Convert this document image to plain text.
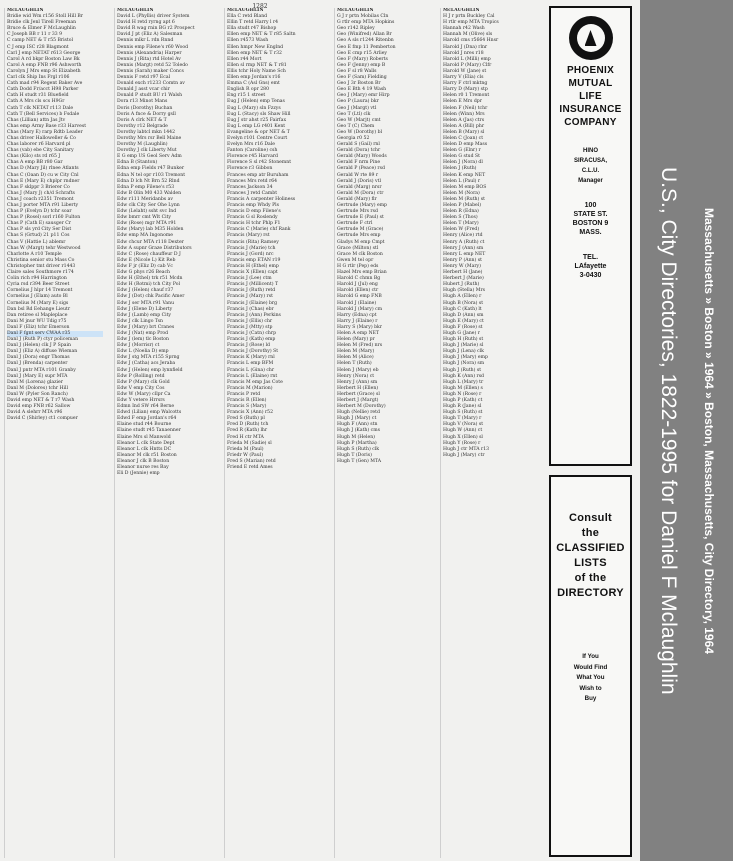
1282
McLAUGHLIN
Bridie wid Wm r156 Stoll Hill Br
Bridie clk Jenl Tirell Freeman
Bruce & Elmer F McLaughlin
C Joseph BB r 11 r 33 9
C camp NET & T r55 Bristol
C J emp ISC r28 Blagmont
Carl J emp NETAT r613 George
Carol A rd bkpr Boston Law Bk
Carol A emp FNB r96 Ashworth
Carolyn J Mrs emp St Elizabeth
Carl clk Ship Ins Frgl r106
Cath mad r94 Regent Baker Ave
Cath Dodd Fr/acct H98 Parker
Cath H studt r31 Bluefield
Cath A Mrs cls scs H9Gr
Cath T clk NETAT r113 Dale
Cath T (Bell Services) b Fsdale
Chas (Lillian) attn Jas Jtv
Chas emp Army Base r33 Harvest
Chas (Mary E) rarp Rdtb Leader
Chas driver Halloweller & Co
Chas laborer r6 Harvard pl
Chas (vab) ebe City Sanitary
Chas (Kilo) sts rd r65 J
Chas A emp BB r80 Gar
Chas D (Mary Jil) rlnee Atlants
Chas C (Oaan D) cu w City Cnl
Chas E (Mary E) chplpr rndner
Chas F sklppr 3 Brierer Co
Chas J (Mary J) ch/d Schrafts
Chas J coach r2351 Tremont
Chas J porter MTA r91 Liberty
Chas P (Evelyn D) tchr soar
Chas P (Rosel) sorl r160 Fulton
Chas P (Cath E) sausger Cr
Chas P sls yrd City Ser Dist
Chas S (Grtud) 21 p11 Cos
Chas V (Hattie L) ablemr
Chas W (Margt) tehr Westwood
Charlotte A r10 Temple
Christina senior stu Mass Co
Christopher tmt driver r1443
Claire sales Southmore r174
Colin rich r94 Harrington
Cyria rsd r394 Beer Street
Cornelius J hlpr 14 Tremont
Cornelius J (Elam) auto Bl
Cornelius M (Mary E) sigs
Dan bsl Rd Eehange Lieutr
Dan retiree sl Mapleplace
Dani M jnur WU Tdig r75
Danl F (Eliz) tchr Emerson
Danl F fgnt serv CWAA r35
Danl J (Ruth P) ctyr policeman
Danl J (Helen) clk J P Spain
Danl J (Eliz A) diffuse Wieman
Danl J (Dora) engr Thomas
Danl J (Brenda) carpenter
Danl J pntr MTA r101 Granby
Danl J (Mary E) supr MTA
Danl M (Lorena) glazier
Danl M (Dolores) tchr Hill
Danl W (Pyler Son Ranch)
David emp NET & T r7 Wash
David emp FNB r62 Sallow
David A slehrr MTA r96
David C (Shirley) ct1 compuer
McLAUGHLIN
David L (Phyllis) driver System
David H retd ryrng apt 6
David R wag rnin BG r2 Prospect
David J pt (Eliz A) Salesman
Dennis mlkr L rdn Rnnd
Dennis emp Filene's r60 Wood
Dennis (Alexandria) Harper
Dennis J (Rita) rtd Hotel Av
Dennis (Margt) retd 52 Toledo
Dennis (Sarah) maker Concs
Dennis F retd r97 Ecal
Donald exch r1233 Comtn av
Donald J asst vcar chir
Donald P studt BU r1 Walsh
Dora r13 Minot Mans
Doris (Dorothy) Buchan
Doris A fnce & Dorry gsll
Doris A clrk NET & T
Dorothy r12 Belgrade
Dorothy labtcl mkn 1442
Dorothy Mrs rsr Bell Maine
Dorothy M (Laughlin)
Dorothy J clk Liberty Mut
E G emp US Geol Serv Adm
Edna B (Stanton)
Edna emp Fields r47 Bunker
Edna N tel opr r103 Tremont
Edna D lch Nt Brn 52 Rlnd
Edna P emp Filene's r53
Edw B Olin M0 433 Walden
Edw r111 Meridanbs av
Edw clk City Ser Ohe Lynn
Edw (Lelaht) ssht svc Ind
Edw bmrr cmt Wlt City
Edw (Rose) mgr MTA r91
Edw (Mary) lab M35 Holden
Edw emp MA Ingonome
Edw chcur MTA r118 Dexter
Edw A supnr Graze Distributors
Edw C (Rose) chauffeur D J
Edw E (Nicole L) Kit Reb
Edw F jr (Eliz D) cab Vc
Edw G phys r26 Beach
Edw H (Ethel) trk r51 Mcdn
Edw H (Rotmi) tch City Pol
Edw J (Helen) chauf r37
Edw J (Dot) chk Pacific Amer
Edw J ser MTA r91 Vanu
Edw J (Elene D) Liberty
Edw J (Lamb) emp City
Edw J clk Lingo Tsn
Edw J (Mary) brt Cranes
Edw J (Nat) emp Prod
Edw J (lem) tlc Boston
Edw J (Morrisr) ct
Edw L (Noelia D) emp
Edw J stg MTA r155 Sprng
Edw J (Catha) acs Jeraba
Edw J (Helen) emp lynnfield
Edw P (Rolling) retd
Edw P (Mary) clk Gold
Edw V emp City Cos
Edw W (Mary) cllpr Ca
Edw Y vetere Hrrsrs
Edmn Ind SW r64 Berne
Edwd (Lilian) emp Walcotts
Edwd F emp Jordan's r64
Elaine stud r44 Bourne
Elaine studt r45 Tanaenner
Elaine Mrs sl Manwold
Eleanor L clk State Dept
Eleanor L clk Hntts DC
Eleanor M clk r51 Boston
Eleanor J clk B Boston
Eleanor nurse res Bay
Eli D (Jennie) emp
McLAUGHLIN
Ella C retd Bland
Ellin T retd Harry l r4
Ella studt r47 Bishop
Ellen emp NET & T r85 Saltn
Ellen r4573 Wash
Ellen hmpr New Englnd
Ellen emp NET & T r32
Ellen r44 Mort
Ellen sl rmp NET & T r81
Ellis tchr Holy Name Sch
Ellen emp Jordan's r16
Emma C (Asl Gns) emt
English R opr 280
Eng r15 1 street
Eug J (Helen) emp Tenas
Eug L (Mary) sln Fzzys
Eug L (Stacy) sls Shaw Hill
Eug J str ahst r25 Fairfax
Eug L emp LG r401 Kent
Evangeline & opr NET & T
Evelyn r101 Centre Court
Evelyn Mrs r16 Dale
Fanton (Caroline) csh
Florence r45 Harvard
Florence S sl r42 Stonemnt
Florence r3 Gibbon
Frances emp atr Buruham
Frances Mrs retd r64
Frances Jackson 34
Frances J retd Cambt
Francis A carpenter Holiness
Francis emp Whdy Pls
Francis D emp Filene's
Francis G sl Roslendy
Francis H tchr Phlp F1
Francis C (Marie) chf Rank
Francis (Mary) rst
Francis (Rita) Ramsey
Francis J (Marie) tch
Francis J (Gord) nrc
Francis emp ETAN r19
Francis H (Ethel) emp
Francis X (Ellen) capt
Francis J (Lee) ctm
Francis J (Millicent) T
Francis J (Ruth) retd
Francis J (Mary) rst
Francis J (Elaine) brg
Francis J (Chas) ebr
Francis J (Ann) Perkins
Francis J (Ellis) chr
Francis J (Mtty) stp
Francis J (Catn) chrp
Francis J (Kath) emp
Francis J (Rose) ld
Francis J (Dorothy) St
Francis K (Mary) rnl
Francis L emp BFM
Francis L (Gina) chr
Francis L (Elaine) rnt
Francis M emp Jas Cote
Francis M (Marion)
Francis P retd
Francis R (Ellen)
Francis S (Mary)
Francis X (Ann) r52
Fred S (Ruth) pl
Fred D (Ruth) tch
Fred R (Kath) lhr
Fred H ctr MTA
Frieda M (Sadie) sl
Frieda M (Paul)
Friedr W (Paul)
Fred S (Marian) retd
Friend E retd Ames
McLAUGHLIN
G J r prtn Mobilas Cln
G rtlr emp MTA Hopkins
Geo r142 Ripley
Geo (Winifred) Allan Br
Geo A sls r1244 Ritenbn
Geo E fmp 11 Pemberton
Geo E cmp r15 Arliey
Geo F (Mary) Roberts
Geo F (Jenny) emp B
Geo F sl r8 Walls
Geo F (Sam) Fielding
Geo J 3r Boston Br
Geo E Bth 4 19 Wash
Geo J (Mary) emr Hirp
Geo P (Laura) bkr
Geo J (Margt) vtl
Geo T (Ltl) clk
Geo W (Marjt) cmt
Geo T (C) Chem
Geo W (Dorothy) bl
Georgia r0 52
Gerald S (Gail) rnl
Gerald (Dora) tchr
Gerald (Mary) Woods
Gerald F nrm Pine
Gerald P (Peace) rsd
Gerald W rte 89 r
Gerald J (Doris) vtl
Gerald (Marg) nrsr
Gerald M (Dora) ctr
Gerald (Mary) flr
Gertrude (Mary) emp
Gertrude Mrs rsd
Gertrude E (Paul) st
Gertrude F ctrl
Gertrude M (Grace)
Gertrude Mrs emp
Gladys M emp Cmpt
Grace (Milton) stl
Grace M clk Boston
Gwen M tel opr
H G rtlr (Pep) eds
Hazel Mrs emp Brian
Harold C chmn Bg
Harold J (Jul) eng
Harold (Ellen) ctr
Harold G emp FNB
Harold J (Elaine)
Harold J (Mary) cm
Harry (Edna) cpt
Harry J (Elaine) r
Harry S (Mary) bkr
Helen A emp NET
Helen (Mary) pr
Helen M (Fred) nrs
Helen M (Mary)
Helen M (Alice)
Helen T (Ruth)
Helen J (Mary) eb
Henry (Nora) ct
Henry J (Ann) sm
Herbert H (Ellen)
Herbert (Grace) sl
Herbert J (Margt)
Herbert M (Dorothy)
Hugh (Nellie) retd
Hugh J (Mary) ct
Hugh F (Ann) stn
Hugh J (Kath) cms
Hugh M (Helen)
Hugh P (Martha)
Hugh S (Ruth) clk
Hugh T (Doris)
Hugh T (Gen) MTA
McLAUGHLIN
H J r prtn Buckley Cal
H rtlr emp MTA Tropics
Hannah r42 Wash
Hannah M (Olive) sls
Harold cms r5664 Hnsr
Harold J (Dna) rlnr
Harold J nres r18
Harold L (Milli) emp
Harold P (Mary) Clfr
Harold W (Jane) st
Harry V (Elia) cls
Harry F ctrl mktng
Harry D (Mary) stp
Helen r0 1 Tremont
Helen E Mrs dpr
Helen F (Neil) tchr
Helen (Winn) Mrs
Helen A (Jas) ctrs
Helen A (Bill) phr
Helen B (Mary) sl
Helen C (Joan) ct
Helen D emp Mass
Helen G (Elnr) r
Helen G stud St
Helen J (Nora) dl
Helen J (Ruth)
Helen K emp NET
Helen L (Paul) r
Helen M emp BOS
Helen M (Nora)
Helen M (Ruth) st
Helen P (Mabel)
Helen R (Edna)
Helen S (Thos)
Helen T (Mary)
Helen W (Fred)
Henry (Alice) rtd
Henry A (Ruth) ct
Henry J (Ann) sm
Henry L emp NET
Henry P (Ann) st
Henry W (Mary)
Herbert H (Jane)
Herbert J (Marie)
Hubert J (Ruth)
Hugh (Stella) Mrs
Hugh A (Ellen) r
Hugh B (Nora) st
Hugh C (Kath) lt
Hugh D (Ann) sm
Hugh E (Mary) ct
Hugh F (Rose) st
Hugh G (Jane) r
Hugh H (Ruth) st
Hugh J (Marie) sl
Hugh J (Lena) clk
Hugh J (Mary) emp
Hugh J (Nora) sm
Hugh J (Ruth) st
Hugh K (Ann) rsd
Hugh L (Mary) tr
Hugh M (Ellen) s
Hugh N (Rose) r
Hugh P (Kath) ct
Hugh R (Jane) sl
Hugh S (Ruth) st
Hugh T (Mary) r
Hugh V (Nora) st
Hugh W (Ann) ct
Hugh X (Ellen) sl
Hugh Y (Rose) r
Hugh J ctr MTA r13
Hugh J (Mary) ctr
PHOENIX
MUTUAL
LIFE
INSURANCE
COMPANY
HINO
SIRACUSA,
C.L.U.
Manager
100
STATE ST.
BOSTON 9
MASS.
TEL.
LAfayette
3-0430
Consult
the
CLASSIFIED
LISTS
of the
DIRECTORY
If You
Would Find
What You
Wish to
Buy
U.S., City Directories, 1822-1995 for Daniel F Mclaughlin	Massachusetts » Boston » 1964 » Boston, Massachusetts, City Directory, 1964
